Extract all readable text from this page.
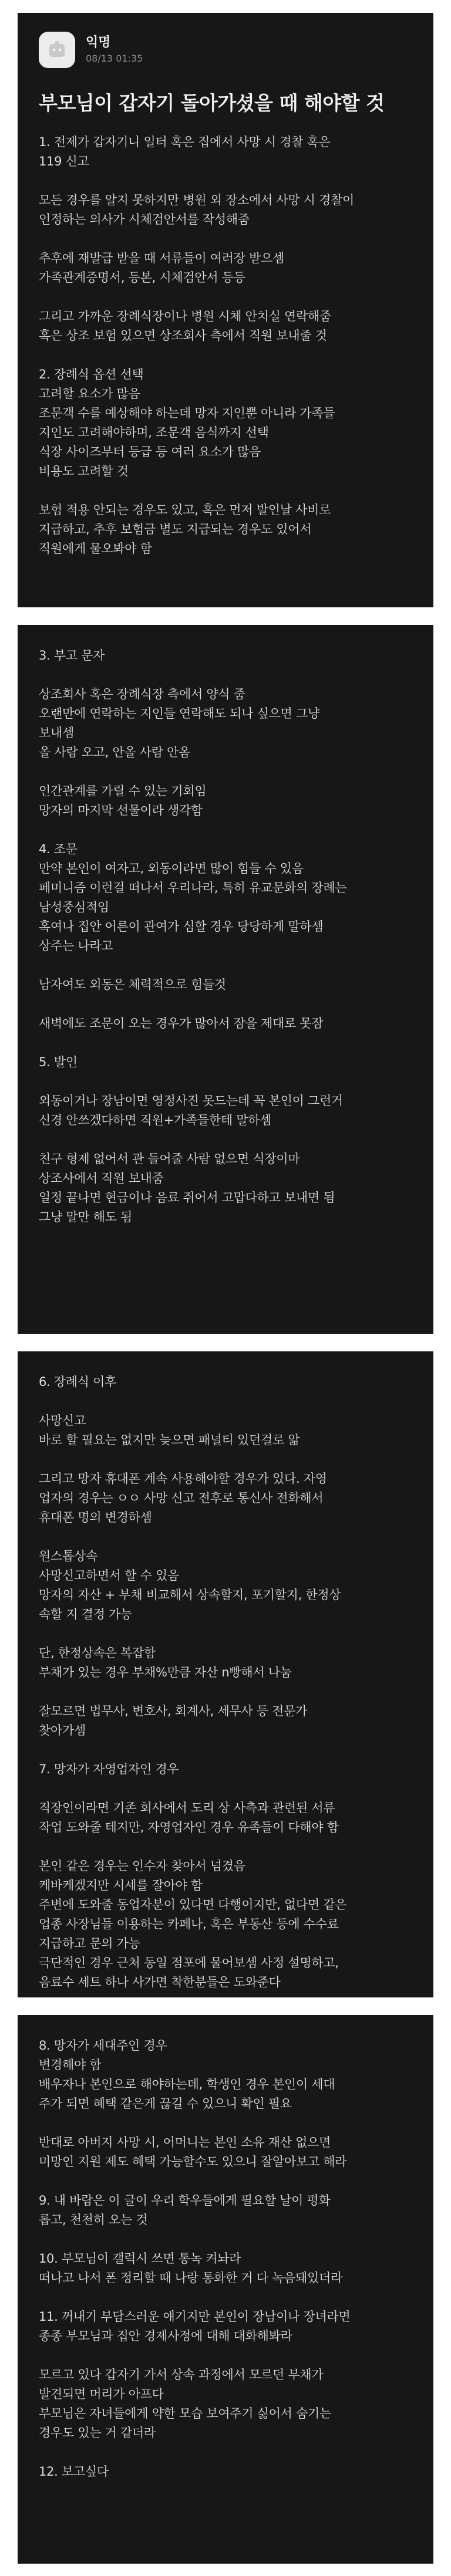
익명
08/13 01:35
부모님이 갑자기 돌아가셨을 때 해야할 것
1. 전제가 갑자기니 일터 혹은 집에서 사망 시 경찰 혹은
119 신고
모든 경우를 알지 못하지만 병원 외 장소에서 사망 시 경찰이
인정하는 의사가 시체검안서를 작성해줌
추후에 재발급 받을 때 서류들이 여러장 받으셈
가족관계증명서, 등본, 시체검안서 등등
그리고 가까운 장례식장이나 병원 시체 안치실 연락해줌
혹은 상조 보험 있으면 상조회사 측에서 직원 보내줄 것
2. 장례식 옵션 선택
고려할 요소가 많음
조문객 수를 예상해야 하는데 망자 지인뿐 아니라 가족들
지인도 고려해야하며, 조문객 음식까지 선택
식장 사이즈부터 등급 등 여러 요소가 많음
비용도 고려할 것
보험 적용 안되는 경우도 있고, 혹은 먼저 발인날 사비로
지급하고, 추후 보험금 별도 지급되는 경우도 있어서
직원에게 물오봐야 함
3. 부고 문자
상조회사 혹은 장례식장 측에서 양식 줌
오랜만에 연락하는 지인들 연락해도 되나 싶으면 그냥
보내셈
올 사람 오고, 안올 사람 안옴
인간관계를 가릴 수 있는 기회임
망자의 마지막 선물이라 생각함
4. 조문
만약 본인이 여자고, 외동이라면 많이 힘들 수 있음
페미니즘 이런걸 떠나서 우리나라, 특히 유교문화의 장례는
남성중심적임
혹여나 집안 어른이 관여가 심할 경우 당당하게 말하셈
상주는 나라고
남자여도 외동은 체력적으로 힘들것
새벽에도 조문이 오는 경우가 많아서 잠을 제대로 못잠
5. 발인
외동이거나 장남이면 영정사진 못드는데 꼭 본인이 그런거
신경 안쓰겠다하면 직원+가족들한테 말하셈
친구 형제 없어서 관 들어줄 사람 없으면 식장이마
상조사에서 직원 보내줌
일정 끝나면 현금이나 음료 쥐어서 고맙다하고 보내면 됨
그냥 말만 해도 됨
6. 장례식 이후
사망신고
바로 할 필요는 없지만 늦으면 패널티 있던걸로 앎
그리고 망자 휴대폰 계속 사용해야할 경우가 있다. 자영
업자의 경우는 ㅇㅇ 사망 신고 전후로 통신사 전화해서
휴대폰 명의 변경하셈
원스톱상속
사망신고하면서 할 수 있음
망자의 자산 + 부채 비교해서 상속할지, 포기할지, 한정상
속할 지 결정 가능
단, 한정상속은 복잡함
부채가 있는 경우 부채%만큼 자산 n빵해서 나눔
잘모르면 법무사, 변호사, 회계사, 세무사 등 전문가
찾아가셈
7. 망자가 자영업자인 경우
직장인이라면 기존 회사에서 도리 상 사측과 관련된 서류
작업 도와줄 테지만, 자영업자인 경우 유족들이 다해야 함
본인 같은 경우는 인수자 찾아서 넘겼음
케바케겠지만 시세를 잘아야 함
주변에 도와줄 동업자분이 있다면 다행이지만, 없다면 같은
업종 사장님들 이용하는 카페나, 혹은 부동산 등에 수수료
지급하고 문의 가능
극단적인 경우 근처 동일 점포에 물어보셈 사정 설명하고,
음료수 세트 하나 사가면 착한분들은 도와준다
8. 망자가 세대주인 경우
변경해야 함
배우자나 본인으로 해야하는데, 학생인 경우 본인이 세대
주가 되면 혜택 같은게 끊길 수 있으니 확인 필요
반대로 아버지 사망 시, 어머니는 본인 소유 재산 없으면
미망인 지원 제도 혜택 가능할수도 있으니 잘알아보고 해라
9. 내 바람은 이 글이 우리 학우들에게 필요할 날이 평화
롭고, 천천히 오는 것
10. 부모님이 갤럭시 쓰면 통녹 켜놔라
떠나고 나서 폰 정리할 때 나랑 통화한 거 다 녹음돼있더라
11. 꺼내기 부담스러운 얘기지만 본인이 장남이나 장녀라면
종종 부모님과 집안 경제사정에 대해 대화해봐라
모르고 있다 갑자기 가서 상속 과정에서 모르던 부채가
발견되면 머리가 아프다
부모님은 자녀들에게 약한 모습 보여주기 싫어서 숨기는
경우도 있는 거 같더라
12. 보고싶다
